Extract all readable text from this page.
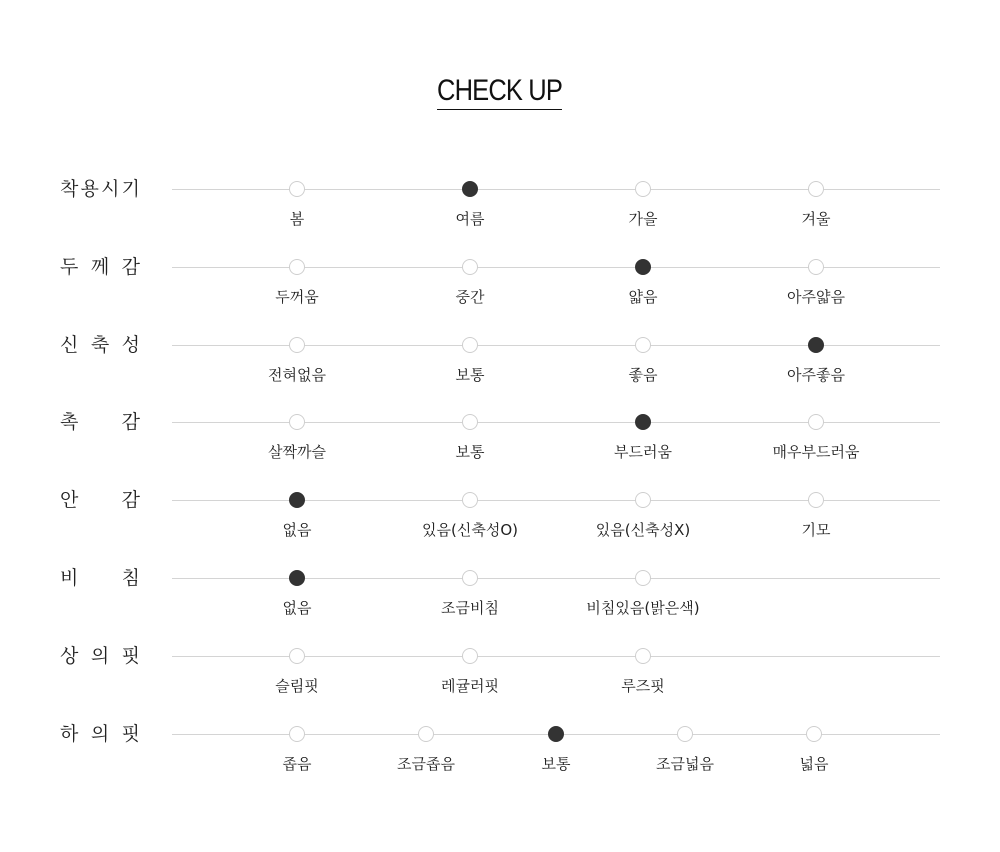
CHECK UP
착 용 시 기
봄	여름	가을	겨울
두 께 감
두꺼움	중간	얇음	아주얇음
신 축 성
전혀없음	보통	좋음	아주좋음
촉 감
살짝까슬	보통	부드러움	매우부드러움
안 감
없음	있음(신축성O)	있음(신축성X)	기모
비 침
없음	조금비침	비침있음(밝은색)
상 의 핏
슬림핏	레귤러핏	루즈핏
하 의 핏
좁음	조금좁음	보통	조금넓음	넓음
